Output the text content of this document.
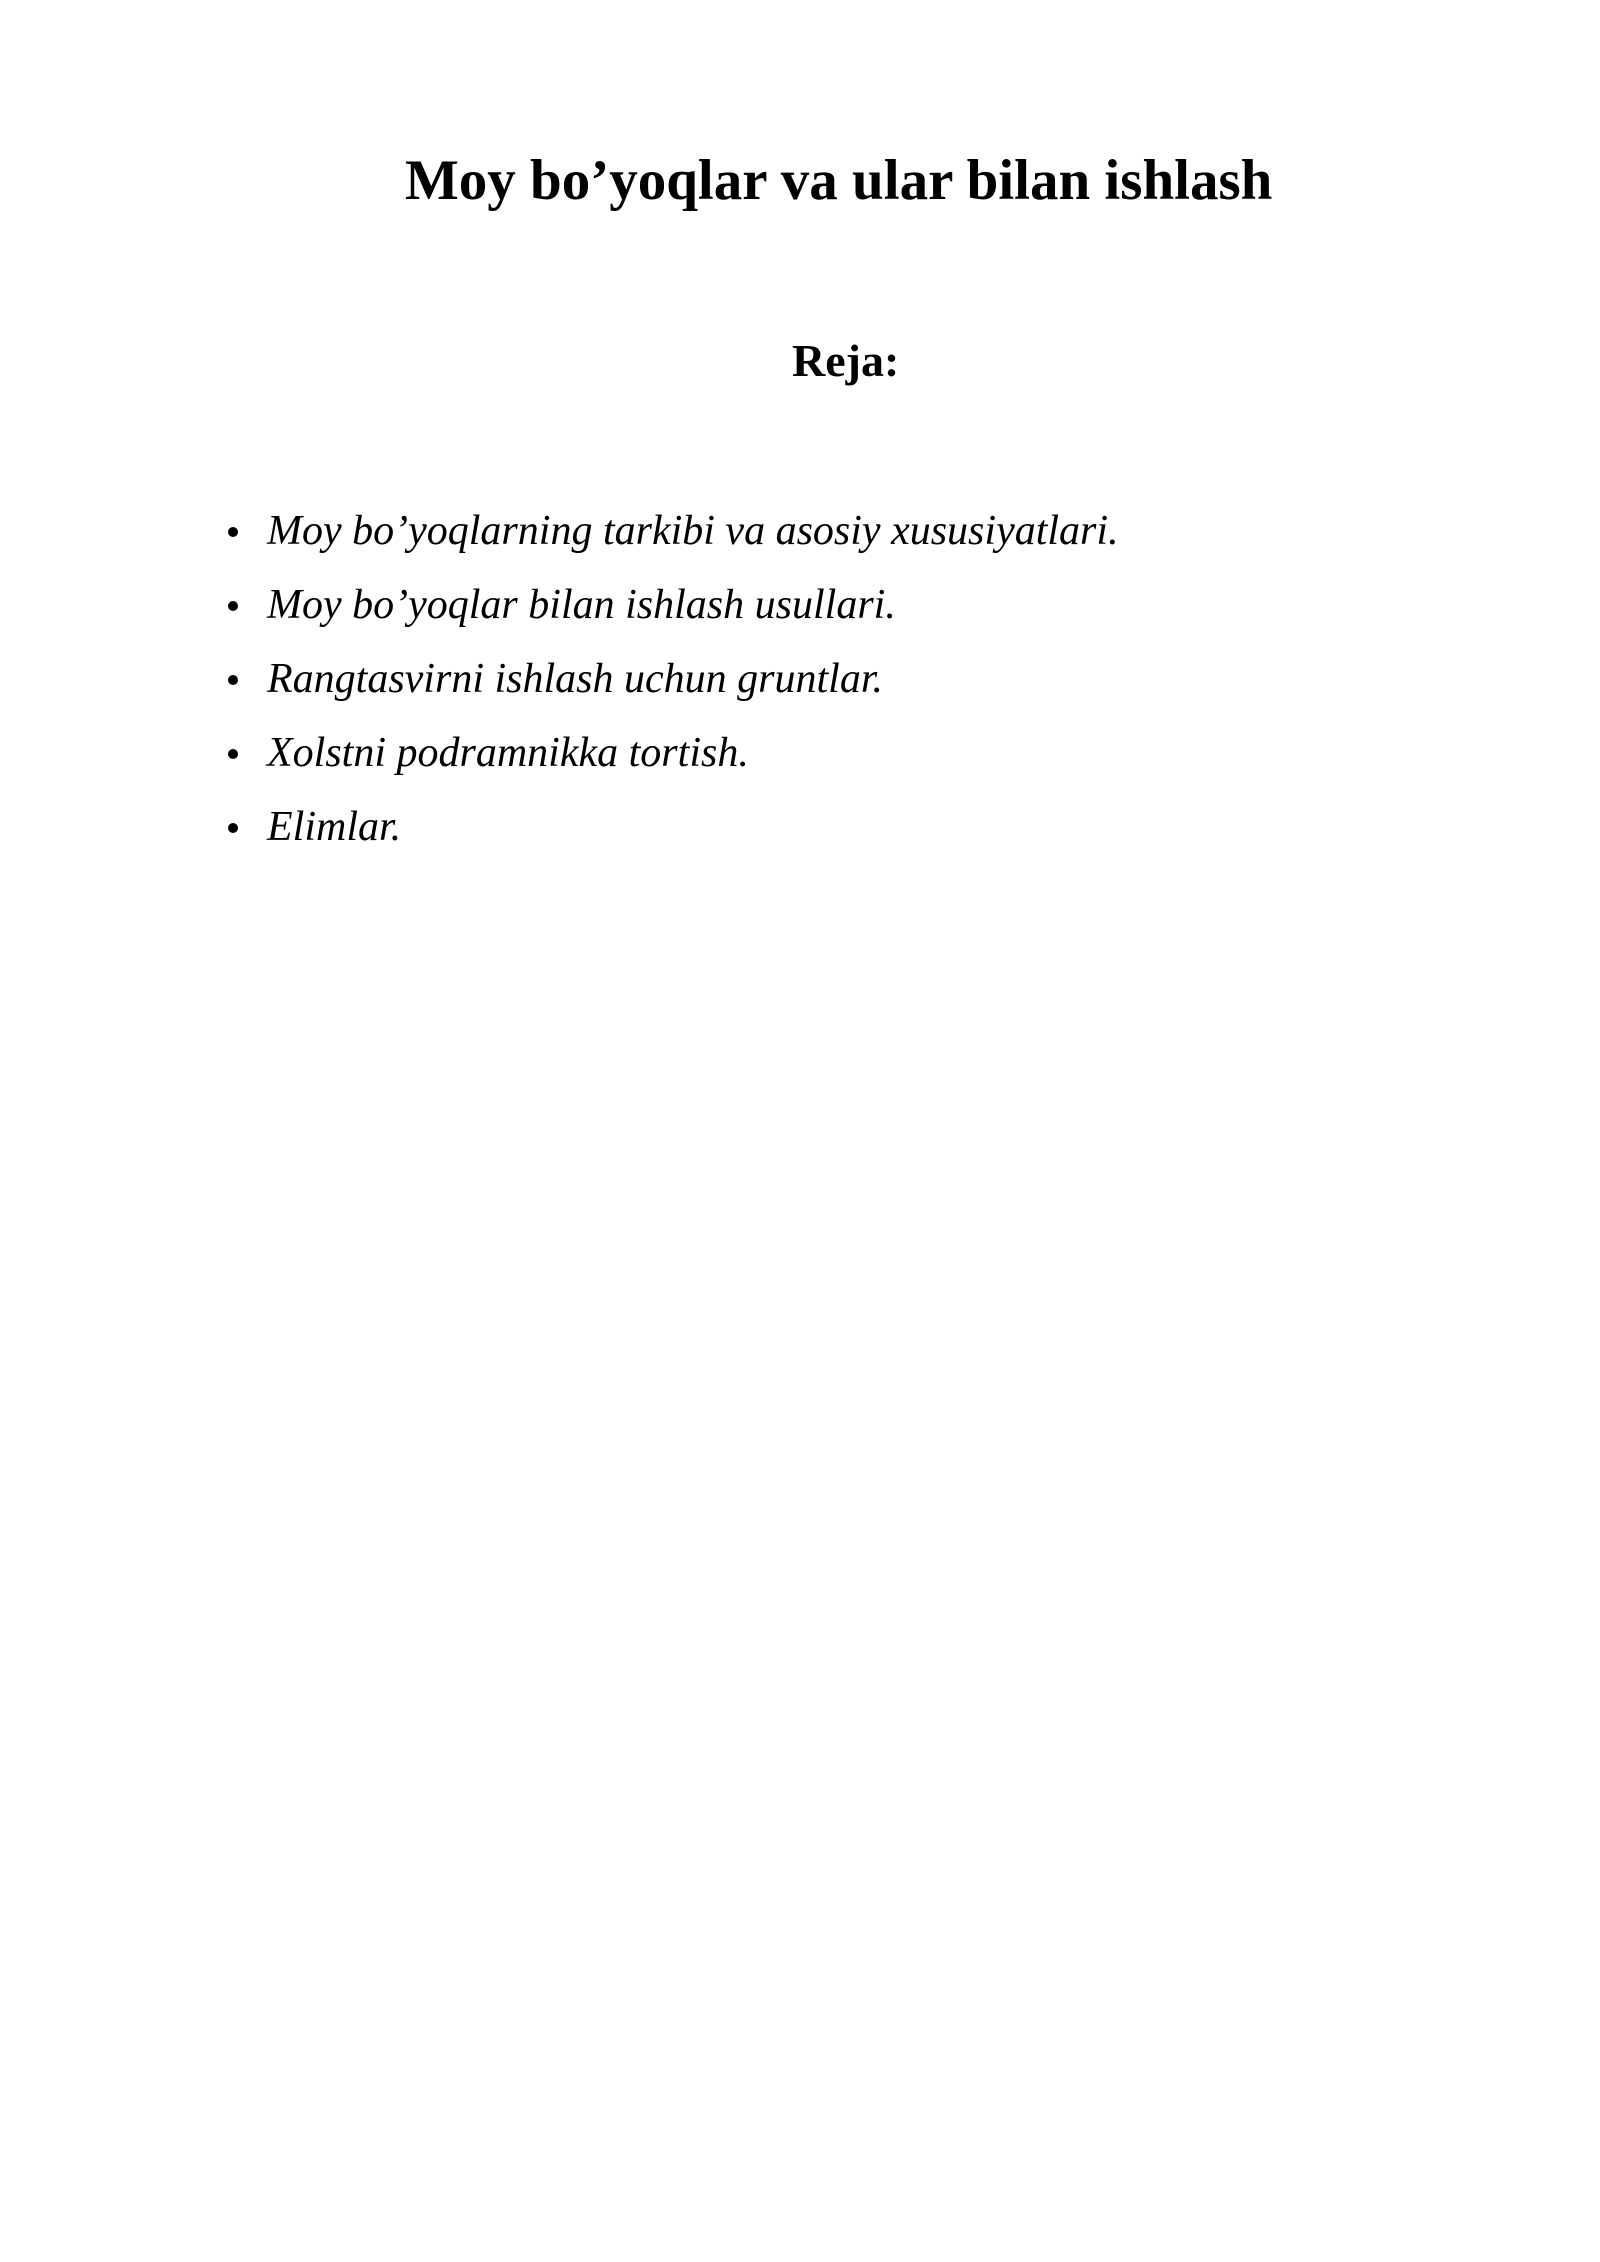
Moy bo’yoqlar va ular bilan ishlash
Reja:
Moy bo’yoqlarning tarkibi va asosiy xususiyatlari.
Moy bo’yoqlar bilan ishlash usullari.
Rangtasvirni ishlash uchun gruntlar.
Xolstni podramnikka tortish.
Elimlar.
